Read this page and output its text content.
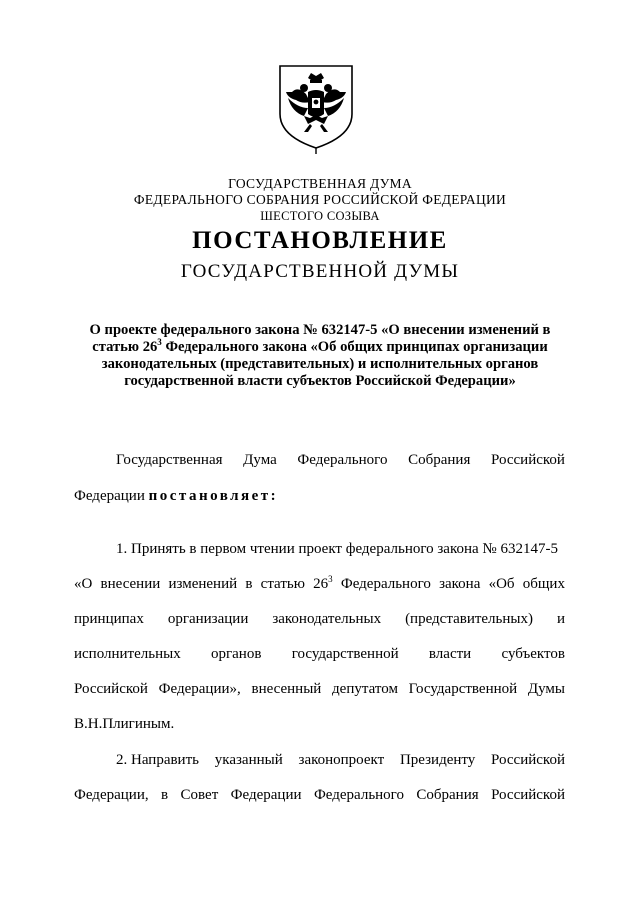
ГОСУДАРСТВЕННАЯ ДУМА
ФЕДЕРАЛЬНОГО СОБРАНИЯ РОССИЙСКОЙ ФЕДЕРАЦИИ
ШЕСТОГО СОЗЫВА
ПОСТАНОВЛЕНИЕ
ГОСУДАРСТВЕННОЙ ДУМЫ
О проекте федерального закона № 632147-5 «О внесении изменений в
статью $26^3$ Федерального закона «Об общих принципах организации
законодательных (представительных) и исполнительных органов
государственной власти субъектов Российской Федерации»
Государственная Дума Федерального Собрания Российской
Федерации постановляет:
1. Принять в первом чтении проект федерального закона № 632147-5
«О внесении изменений в статью $26^3$ Федерального закона «Об общих
принципах организации законодательных (представительных) и
исполнительных органов государственной власти субъектов
Российской Федерации», внесенный депутатом Государственной Думы
В.Н.Плигиным.
2. Направить указанный законопроект Президенту Российской
Федерации, в Совет Федерации Федерального Собрания Российской
